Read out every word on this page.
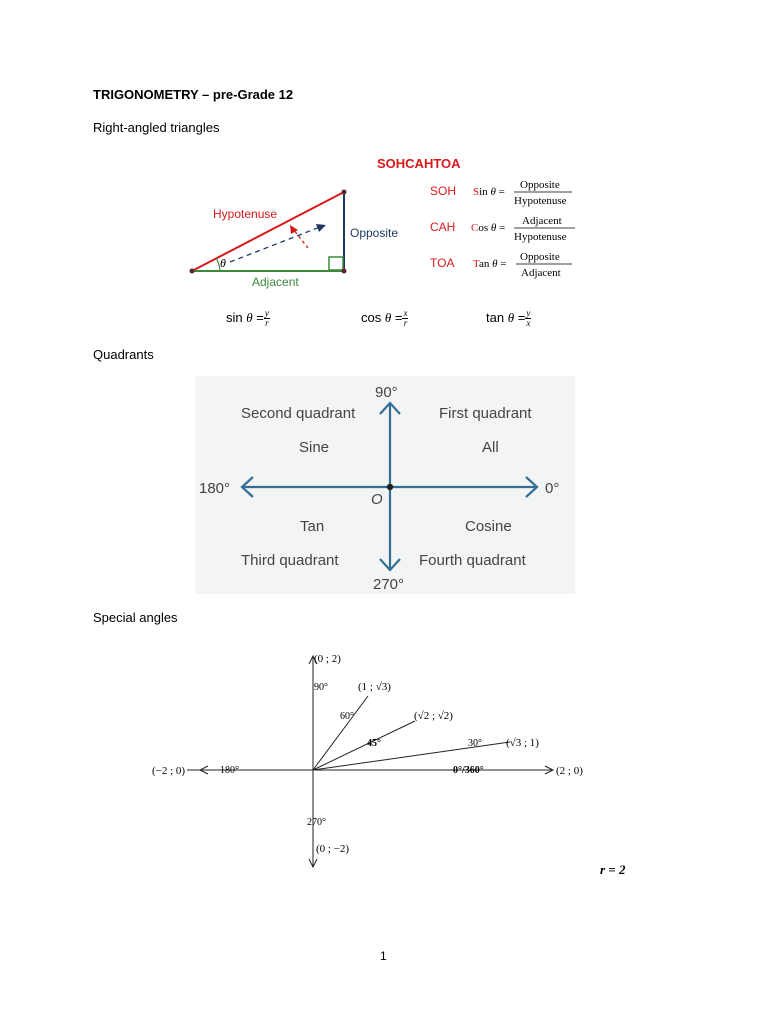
TRIGONOMETRY – pre-Grade 12
Right-angled triangles
SOHCAHTOA
Hypotenuse
Opposite
Adjacent
θ
SOH Sin θ =
Opposite
Hypotenuse
CAH Cos θ =
Adjacent
Hypotenuse
TOA Tan θ =
Opposite
Adjacent
$\sin \theta = \frac{y}{r}$	$\cos \theta = \frac{x}{r}$	$\tan \theta = \frac{y}{x}$
Quadrants
90°
0°
180°
270°
O
Second quadrant
Sine
First quadrant
All
Tan
Third quadrant
Cosine
Fourth quadrant
Special angles
(0 ; 2)
(1 ; √3)
(√2 ; √2)
(√3 ; 1)
(2 ; 0)
(−2 ; 0)
(0 ; −2)
90°
60°
45°	30°
0°/360°
180°
270°
r = 2
1
